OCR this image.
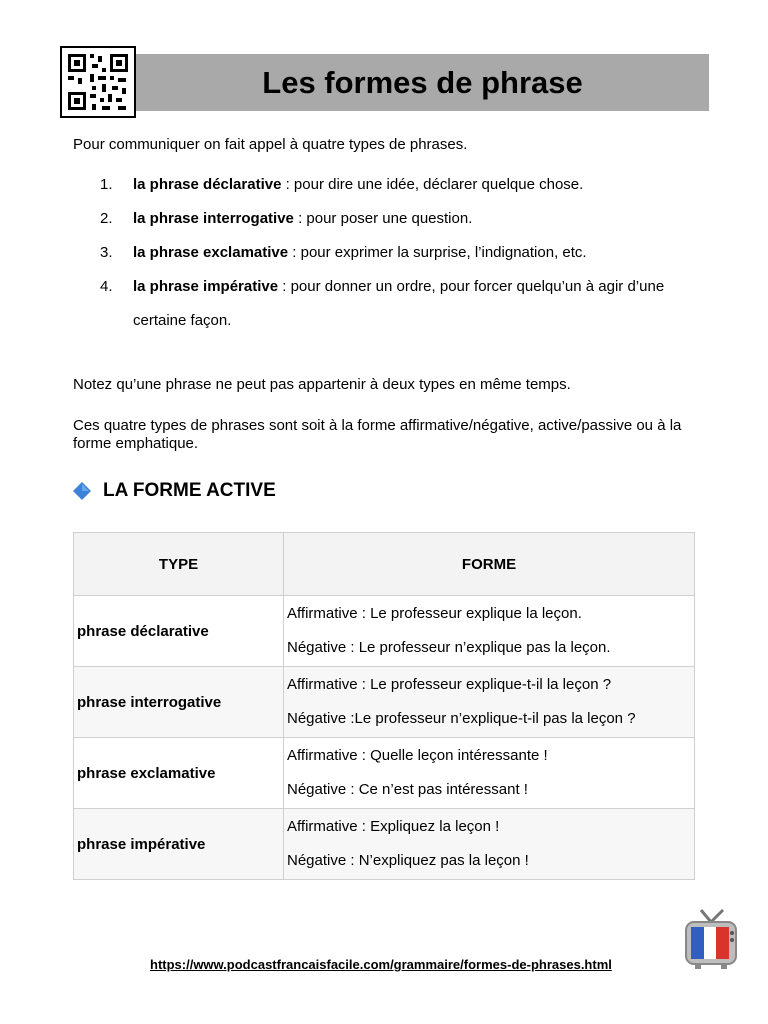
Les formes de phrase
Pour communiquer on fait appel à quatre types de phrases.
1.	la phrase déclarative : pour dire une idée, déclarer quelque chose.
2.	la phrase interrogative : pour poser une question.
3.	la phrase exclamative : pour exprimer la surprise, l’indignation, etc.
4.	la phrase impérative : pour donner un ordre, pour forcer quelqu’un à agir d’une certaine façon.
Notez qu’une phrase ne peut pas appartenir à deux types en même temps.
Ces quatre types de phrases sont soit à la forme affirmative/négative, active/passive ou à la forme emphatique.
LA FORME ACTIVE
TYPE	FORME
phrase déclarative	Affirmative : Le professeur explique la leçon.
Négative : Le professeur n’explique pas la leçon.

phrase interrogative	Affirmative : Le professeur explique-t-il la leçon ?
Négative :Le professeur n’explique-t-il pas la leçon ?

phrase exclamative	Affirmative : Quelle leçon intéressante !
Négative : Ce n’est pas intéressant !

phrase impérative	Affirmative : Expliquez la leçon !
Négative : N’expliquez pas la leçon !
https://www.podcastfrancaisfacile.com/grammaire/formes-de-phrases.html
